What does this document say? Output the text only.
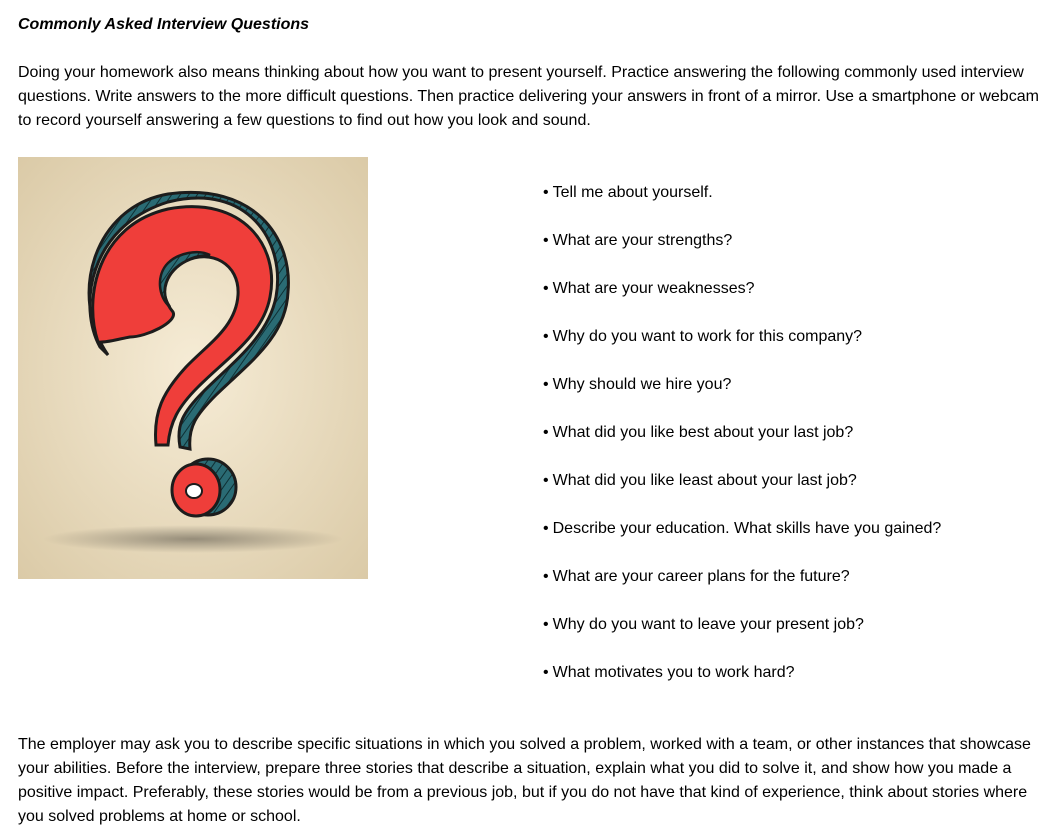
Commonly Asked Interview Questions

Doing your homework also means thinking about how you want to present yourself. Practice answering the following commonly used interview questions. Write answers to the more difficult questions. Then practice delivering your answers in front of a mirror. Use a smartphone or webcam to record yourself answering a few questions to find out how you look and sound.

• Tell me about yourself.
• What are your strengths?
• What are your weaknesses?
• Why do you want to work for this company?
• Why should we hire you?
• What did you like best about your last job?
• What did you like least about your last job?
• Describe your education. What skills have you gained?
• What are your career plans for the future?
• Why do you want to leave your present job?
• What motivates you to work hard?

The employer may ask you to describe specific situations in which you solved a problem, worked with a team, or other instances that showcase your abilities. Before the interview, prepare three stories that describe a situation, explain what you did to solve it, and show how you made a positive impact. Preferably, these stories would be from a previous job, but if you do not have that kind of experience, think about stories where you solved problems at home or school.
